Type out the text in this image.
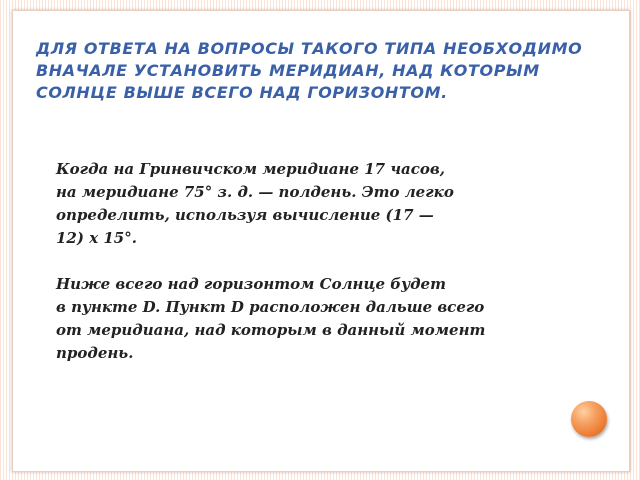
ДЛЯ ОТВЕТА НА ВОПРОСЫ ТАКОГО ТИПА НЕОБХОДИМО ВНАЧАЛЕ УСТАНОВИТЬ МЕРИДИАН, НАД КОТОРЫМ СОЛНЦЕ ВЫШЕ ВСЕГО НАД ГОРИЗОНТОМ.

Когда на Гринвичском меридиане 17 часов,
на меридиане 75° з. д. — полдень. Это легко
определить, используя вычисление (17 —
12) х 15°.

Ниже всего над горизонтом Солнце будет
в пункте D. Пункт D расположен дальше всего
от меридиана, над которым в данный момент
продень.
